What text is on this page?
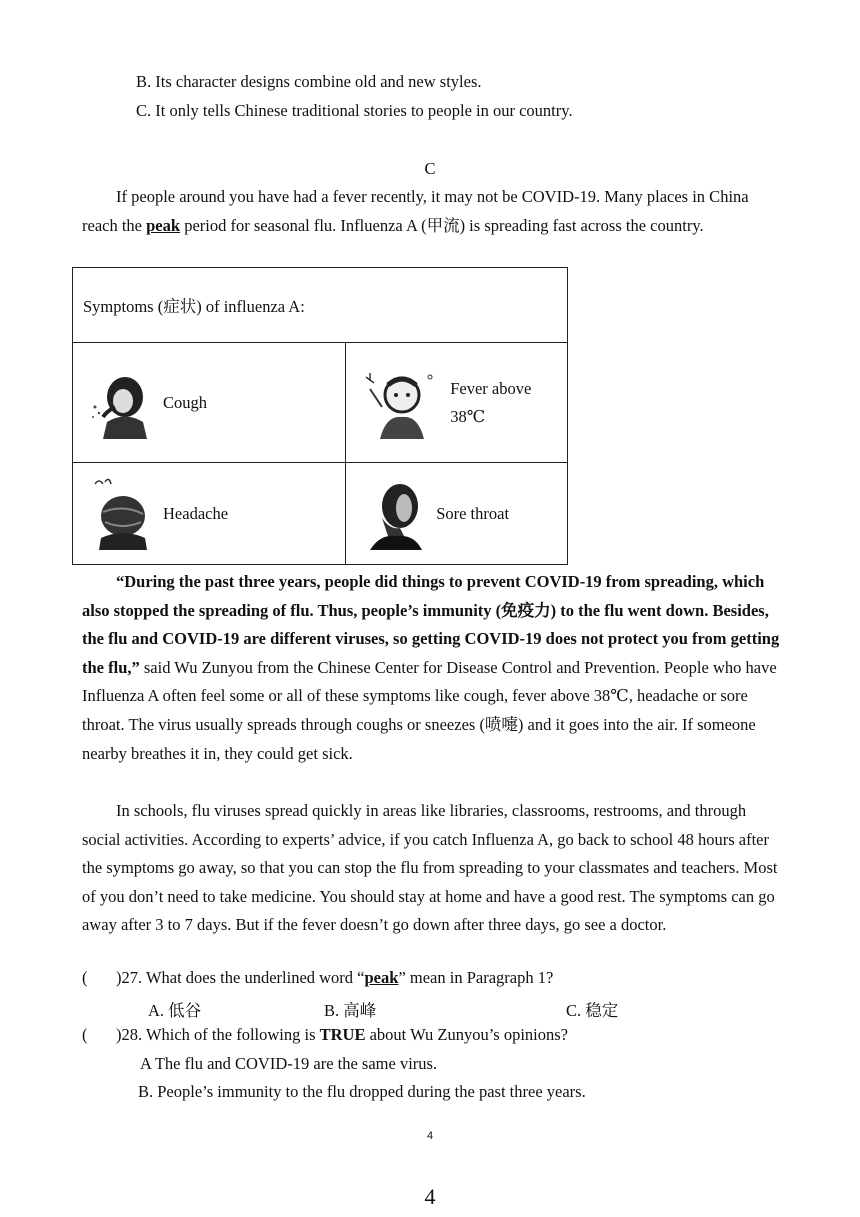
B. Its character designs combine old and new styles.
C. It only tells Chinese traditional stories to people in our country.
C
If people around you have had a fever recently, it may not be COVID-19. Many places in China reach the peak period for seasonal flu. Influenza A (甲流) is spreading fast across the country.
Symptoms (症状) of influenza A:	

Cough	Fever above
38℃

Headache	Sore throat
“During the past three years, people did things to prevent COVID-19 from spreading, which also stopped the spreading of flu. Thus, people’s immunity (免疫力) to the flu went down. Besides, the flu and COVID-19 are different viruses, so getting COVID-19 does not protect you from getting the flu,” said Wu Zunyou from the Chinese Center for Disease Control and Prevention. People who have Influenza A often feel some or all of these symptoms like cough, fever above 38℃, headache or sore throat. The virus usually spreads through coughs or sneezes (喷嚏) and it goes into the air. If someone nearby breathes it in, they could get sick.
In schools, flu viruses spread quickly in areas like libraries, classrooms, restrooms, and through social activities. According to experts’ advice, if you catch Influenza A, go back to school 48 hours after the symptoms go away, so that you can stop the flu from spreading to your classmates and teachers. Most of you don’t need to take medicine. You should stay at home and have a good rest. The symptoms can go away after 3 to 7 days. But if the fever doesn’t go down after three days, go see a doctor.
( )27. What does the underlined word “peak” mean in Paragraph 1?
A. 低谷	B. 高峰	C. 稳定
( )28. Which of the following is TRUE about Wu Zunyou’s opinions?
A The flu and COVID-19 are the same virus.
B. People’s immunity to the flu dropped during the past three years.
4
4
